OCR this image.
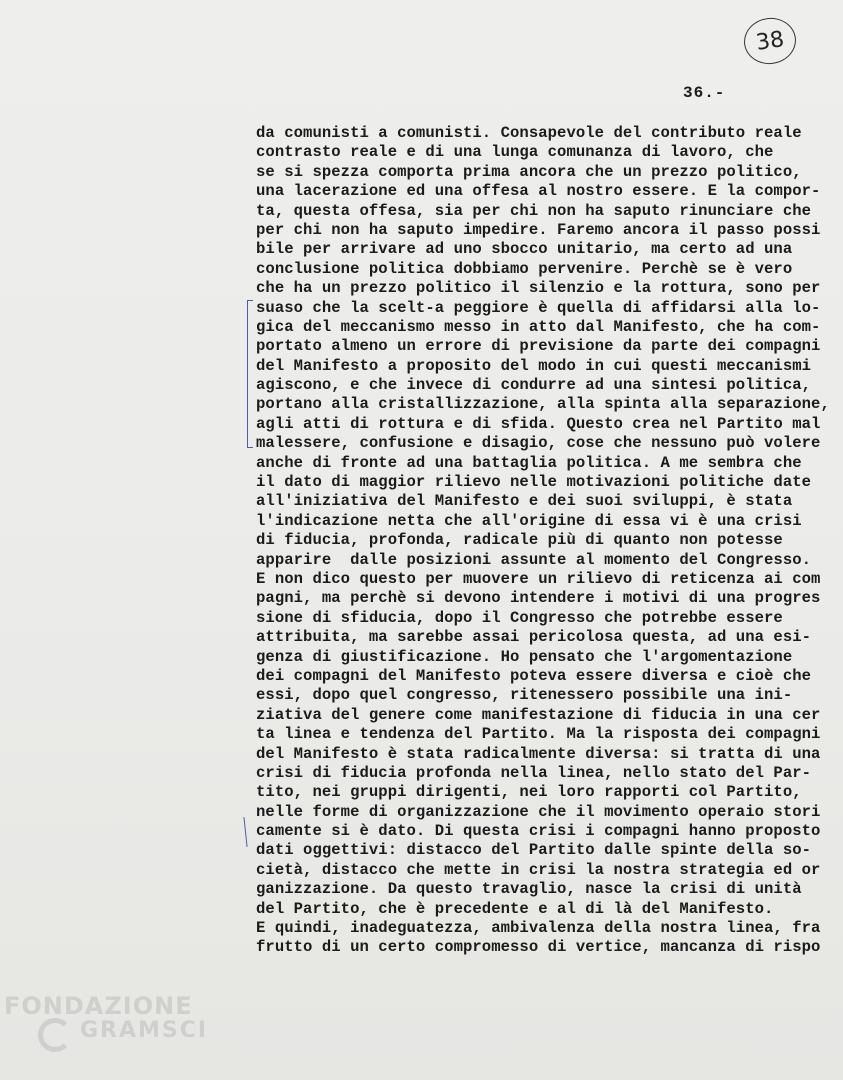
38
36.-
da comunisti a comunisti. Consapevole del contributo reale
contrasto reale e di una lunga comunanza di lavoro, che
se si spezza comporta prima ancora che un prezzo politico,
una lacerazione ed una offesa al nostro essere. E la compor-
ta, questa offesa, sia per chi non ha saputo rinunciare che
per chi non ha saputo impedire. Faremo ancora il passo possi
bile per arrivare ad uno sbocco unitario, ma certo ad una
conclusione politica dobbiamo pervenire. Perchè se è vero
che ha un prezzo politico il silenzio e la rottura, sono per
suaso che la scelt-a peggiore è quella di affidarsi alla lo-
gica del meccanismo messo in atto dal Manifesto, che ha com-
portato almeno un errore di previsione da parte dei compagni
del Manifesto a proposito del modo in cui questi meccanismi
agiscono, e che invece di condurre ad una sintesi politica,
portano alla cristallizzazione, alla spinta alla separazione,
agli atti di rottura e di sfida. Questo crea nel Partito mal
malessere, confusione e disagio, cose che nessuno può volere
anche di fronte ad una battaglia politica. A me sembra che
il dato di maggior rilievo nelle motivazioni politiche date
all'iniziativa del Manifesto e dei suoi sviluppi, è stata
l'indicazione netta che all'origine di essa vi è una crisi
di fiducia, profonda, radicale più di quanto non potesse
apparire  dalle posizioni assunte al momento del Congresso.
E non dico questo per muovere un rilievo di reticenza ai com
pagni, ma perchè si devono intendere i motivi di una progres
sione di sfiducia, dopo il Congresso che potrebbe essere
attribuita, ma sarebbe assai pericolosa questa, ad una esi-
genza di giustificazione. Ho pensato che l'argomentazione
dei compagni del Manifesto poteva essere diversa e cioè che
essi, dopo quel congresso, ritenessero possibile una ini-
ziativa del genere come manifestazione di fiducia in una cer
ta linea e tendenza del Partito. Ma la risposta dei compagni
del Manifesto è stata radicalmente diversa: si tratta di una
crisi di fiducia profonda nella linea, nello stato del Par-
tito, nei gruppi dirigenti, nei loro rapporti col Partito,
nelle forme di organizzazione che il movimento operaio stori
camente si è dato. Di questa crisi i compagni hanno proposto
dati oggettivi: distacco del Partito dalle spinte della so-
cietà, distacco che mette in crisi la nostra strategia ed or
ganizzazione. Da questo travaglio, nasce la crisi di unità
del Partito, che è precedente e al di là del Manifesto.
E quindi, inadeguatezza, ambivalenza della nostra linea, fra
frutto di un certo compromesso di vertice, mancanza di rispo
FONDAZIONE
GRAMSCI
